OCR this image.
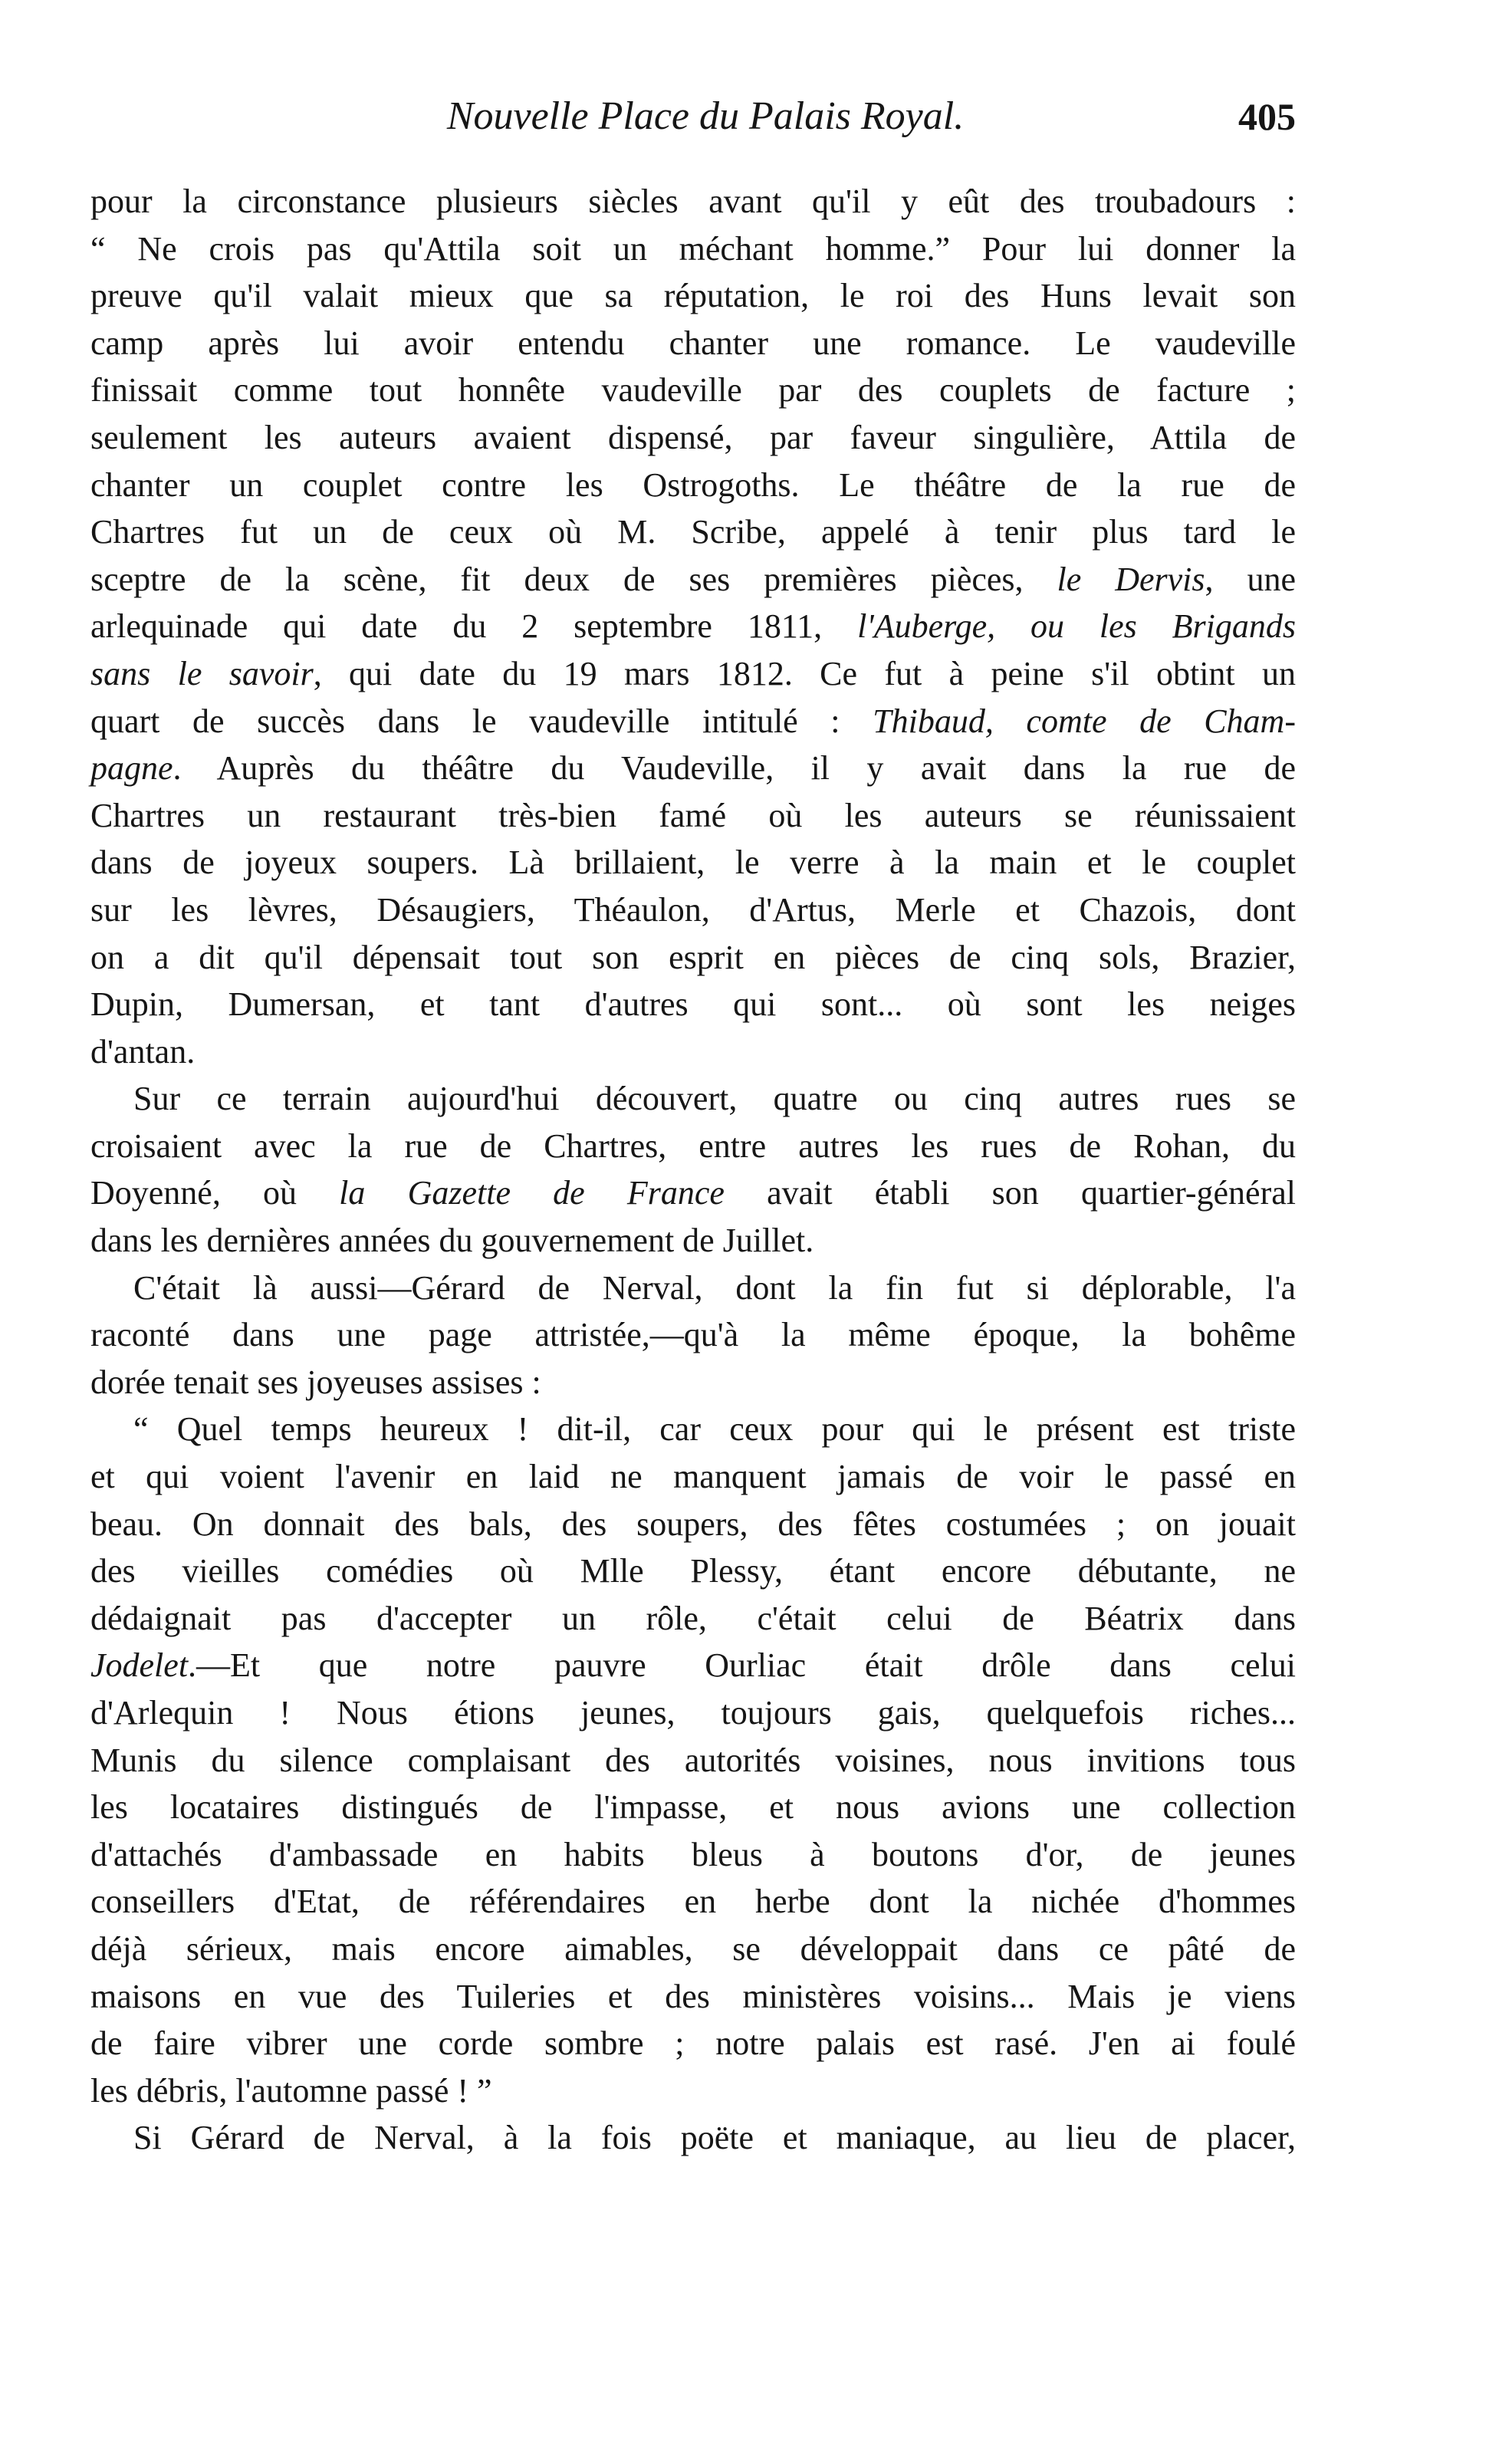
Nouvelle Place du Palais Royal.	405
pour la circonstance plusieurs siècles avant qu'il y eût des troubadours :
“ Ne crois pas qu'Attila soit un méchant homme.” Pour lui donner la
preuve qu'il valait mieux que sa réputation, le roi des Huns levait son
camp après lui avoir entendu chanter une romance. Le vaudeville
finissait comme tout honnête vaudeville par des couplets de facture ;
seulement les auteurs avaient dispensé, par faveur singulière, Attila de
chanter un couplet contre les Ostrogoths. Le théâtre de la rue de
Chartres fut un de ceux où M. Scribe, appelé à tenir plus tard le
sceptre de la scène, fit deux de ses premières pièces, le Dervis, une
arlequinade qui date du 2 septembre 1811, l'Auberge, ou les Brigands
sans le savoir, qui date du 19 mars 1812. Ce fut à peine s'il obtint un
quart de succès dans le vaudeville intitulé : Thibaud, comte de Cham-
pagne. Auprès du théâtre du Vaudeville, il y avait dans la rue de
Chartres un restaurant très-bien famé où les auteurs se réunissaient
dans de joyeux soupers. Là brillaient, le verre à la main et le couplet
sur les lèvres, Désaugiers, Théaulon, d'Artus, Merle et Chazois, dont
on a dit qu'il dépensait tout son esprit en pièces de cinq sols, Brazier,
Dupin, Dumersan, et tant d'autres qui sont... où sont les neiges
d'antan.
Sur ce terrain aujourd'hui découvert, quatre ou cinq autres rues se
croisaient avec la rue de Chartres, entre autres les rues de Rohan, du
Doyenné, où la Gazette de France avait établi son quartier-général
dans les dernières années du gouvernement de Juillet.
C'était là aussi—Gérard de Nerval, dont la fin fut si déplorable, l'a
raconté dans une page attristée,—qu'à la même époque, la bohême
dorée tenait ses joyeuses assises :
“ Quel temps heureux ! dit-il, car ceux pour qui le présent est triste
et qui voient l'avenir en laid ne manquent jamais de voir le passé en
beau. On donnait des bals, des soupers, des fêtes costumées ; on jouait
des vieilles comédies où Mlle Plessy, étant encore débutante, ne
dédaignait pas d'accepter un rôle, c'était celui de Béatrix dans
Jodelet.—Et que notre pauvre Ourliac était drôle dans celui
d'Arlequin ! Nous étions jeunes, toujours gais, quelquefois riches...
Munis du silence complaisant des autorités voisines, nous invitions tous
les locataires distingués de l'impasse, et nous avions une collection
d'attachés d'ambassade en habits bleus à boutons d'or, de jeunes
conseillers d'Etat, de référendaires en herbe dont la nichée d'hommes
déjà sérieux, mais encore aimables, se développait dans ce pâté de
maisons en vue des Tuileries et des ministères voisins... Mais je viens
de faire vibrer une corde sombre ; notre palais est rasé. J'en ai foulé
les débris, l'automne passé ! ”
Si Gérard de Nerval, à la fois poëte et maniaque, au lieu de placer,
